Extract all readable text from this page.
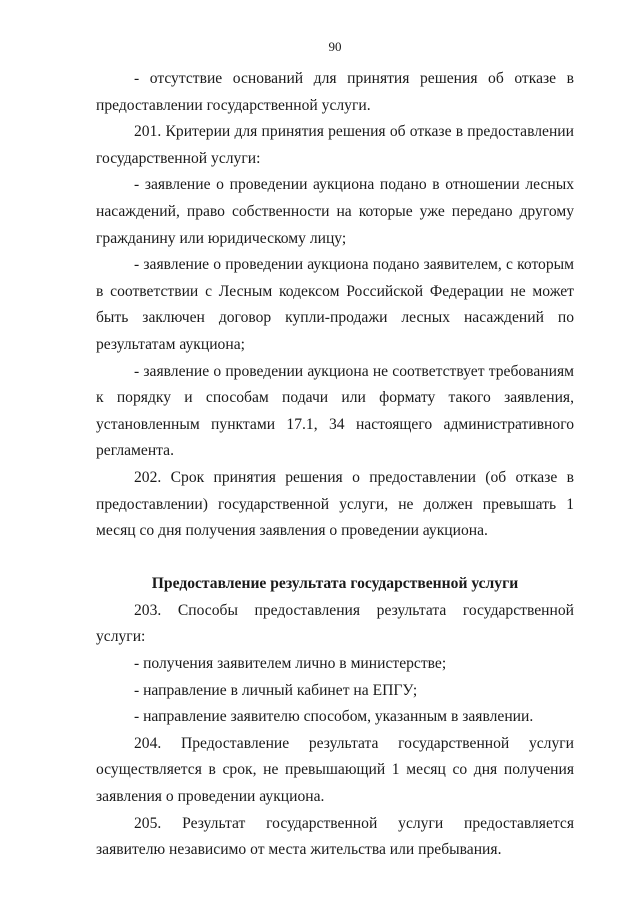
90

- отсутствие оснований для принятия решения об отказе в предоставлении государственной услуги.

201. Критерии для принятия решения об отказе в предоставлении государственной услуги:

- заявление о проведении аукциона подано в отношении лесных насаждений, право собственности на которые уже передано другому гражданину или юридическому лицу;

- заявление о проведении аукциона подано заявителем, с которым в соответствии с Лесным кодексом Российской Федерации не может быть заключен договор купли-продажи лесных насаждений по результатам аукциона;

- заявление о проведении аукциона не соответствует требованиям к порядку и способам подачи или формату такого заявления, установленным пунктами 17.1, 34 настоящего административного регламента.

202. Срок принятия решения о предоставлении (об отказе в предоставлении) государственной услуги, не должен превышать 1 месяц со дня получения заявления о проведении аукциона.

Предоставление результата государственной услуги

203. Способы предоставления результата государственной услуги:

- получения заявителем лично в министерстве;

- направление в личный кабинет на ЕПГУ;

- направление заявителю способом, указанным в заявлении.

204. Предоставление результата государственной услуги осуществляется в срок, не превышающий 1 месяц со дня получения заявления о проведении аукциона.

205. Результат государственной услуги предоставляется заявителю независимо от места жительства или пребывания.
